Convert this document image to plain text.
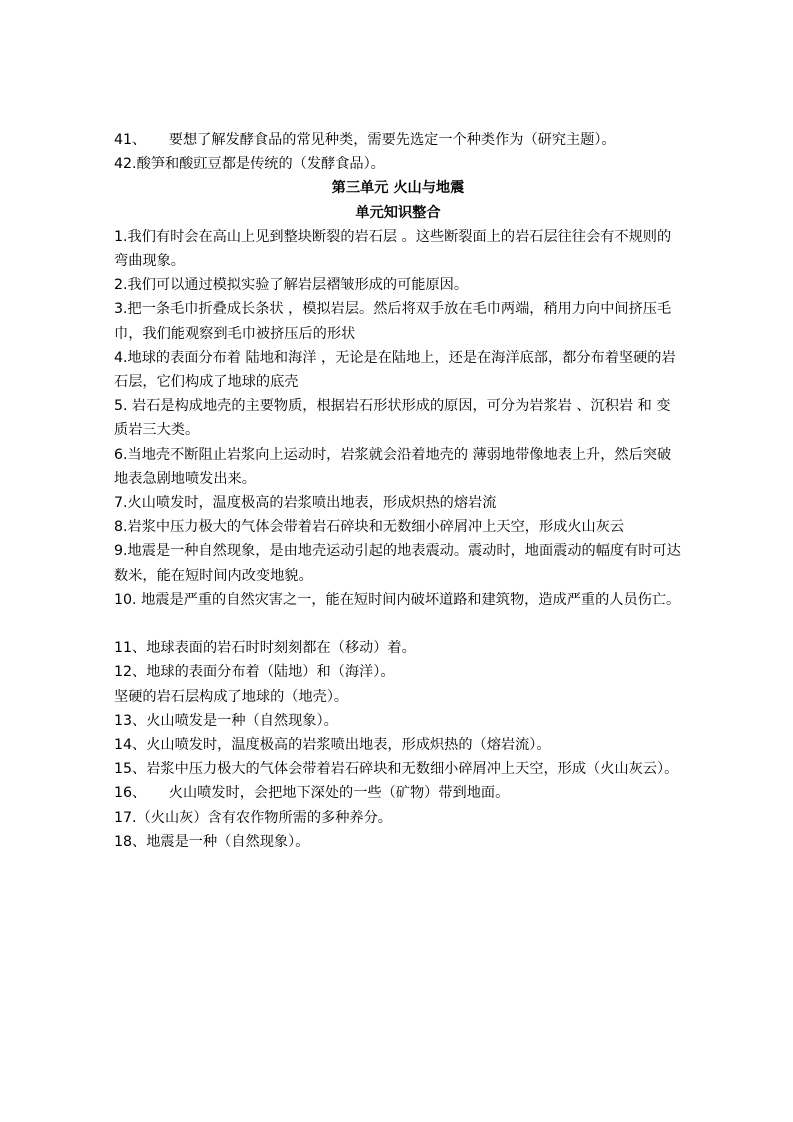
41、     要想了解发酵食品的常见种类，需要先选定一个种类作为（研究主题）。
42.酸笋和酸豇豆都是传统的（发酵食品）。
第三单元 火山与地震
单元知识整合
1.我们有时会在高山上见到整块断裂的岩石层 。这些断裂面上的岩石层往往会有不规则的 弯曲现象。
2.我们可以通过模拟实验了解岩层褶皱形成的可能原因。
3.把一条毛巾折叠成长条状 ，模拟岩层。然后将双手放在毛巾两端，稍用力向中间挤压毛巾，我们能观察到毛巾被挤压后的形状
4.地球的表面分布着 陆地和海洋 ，无论是在陆地上，还是在海洋底部，都分布着坚硬的岩石层，它们构成了地球的底壳
5. 岩石是构成地壳的主要物质，根据岩石形状形成的原因，可分为岩浆岩 、沉积岩 和 变质岩三大类。
6.当地壳不断阻止岩浆向上运动时，岩浆就会沿着地壳的 薄弱地带像地表上升，然后突破地表急剧地喷发出来。
7.火山喷发时，温度极高的岩浆喷出地表，形成炽热的熔岩流
8.岩浆中压力极大的气体会带着岩石碎块和无数细小碎屑冲上天空，形成火山灰云
9.地震是一种自然现象，是由地壳运动引起的地表震动。震动时，地面震动的幅度有时可达数米，能在短时间内改变地貌。
10. 地震是严重的自然灾害之一，能在短时间内破坏道路和建筑物，造成严重的人员伤亡。
11、地球表面的岩石时时刻刻都在（移动）着。
12、地球的表面分布着（陆地）和（海洋）。
坚硬的岩石层构成了地球的（地壳）。
13、火山喷发是一种（自然现象）。
14、火山喷发时，温度极高的岩浆喷出地表，形成炽热的（熔岩流）。
15、岩浆中压力极大的气体会带着岩石碎块和无数细小碎屑冲上天空，形成（火山灰云）。
16、     火山喷发时，会把地下深处的一些（矿物）带到地面。
17.（火山灰）含有农作物所需的多种养分。
18、地震是一种（自然现象）。
